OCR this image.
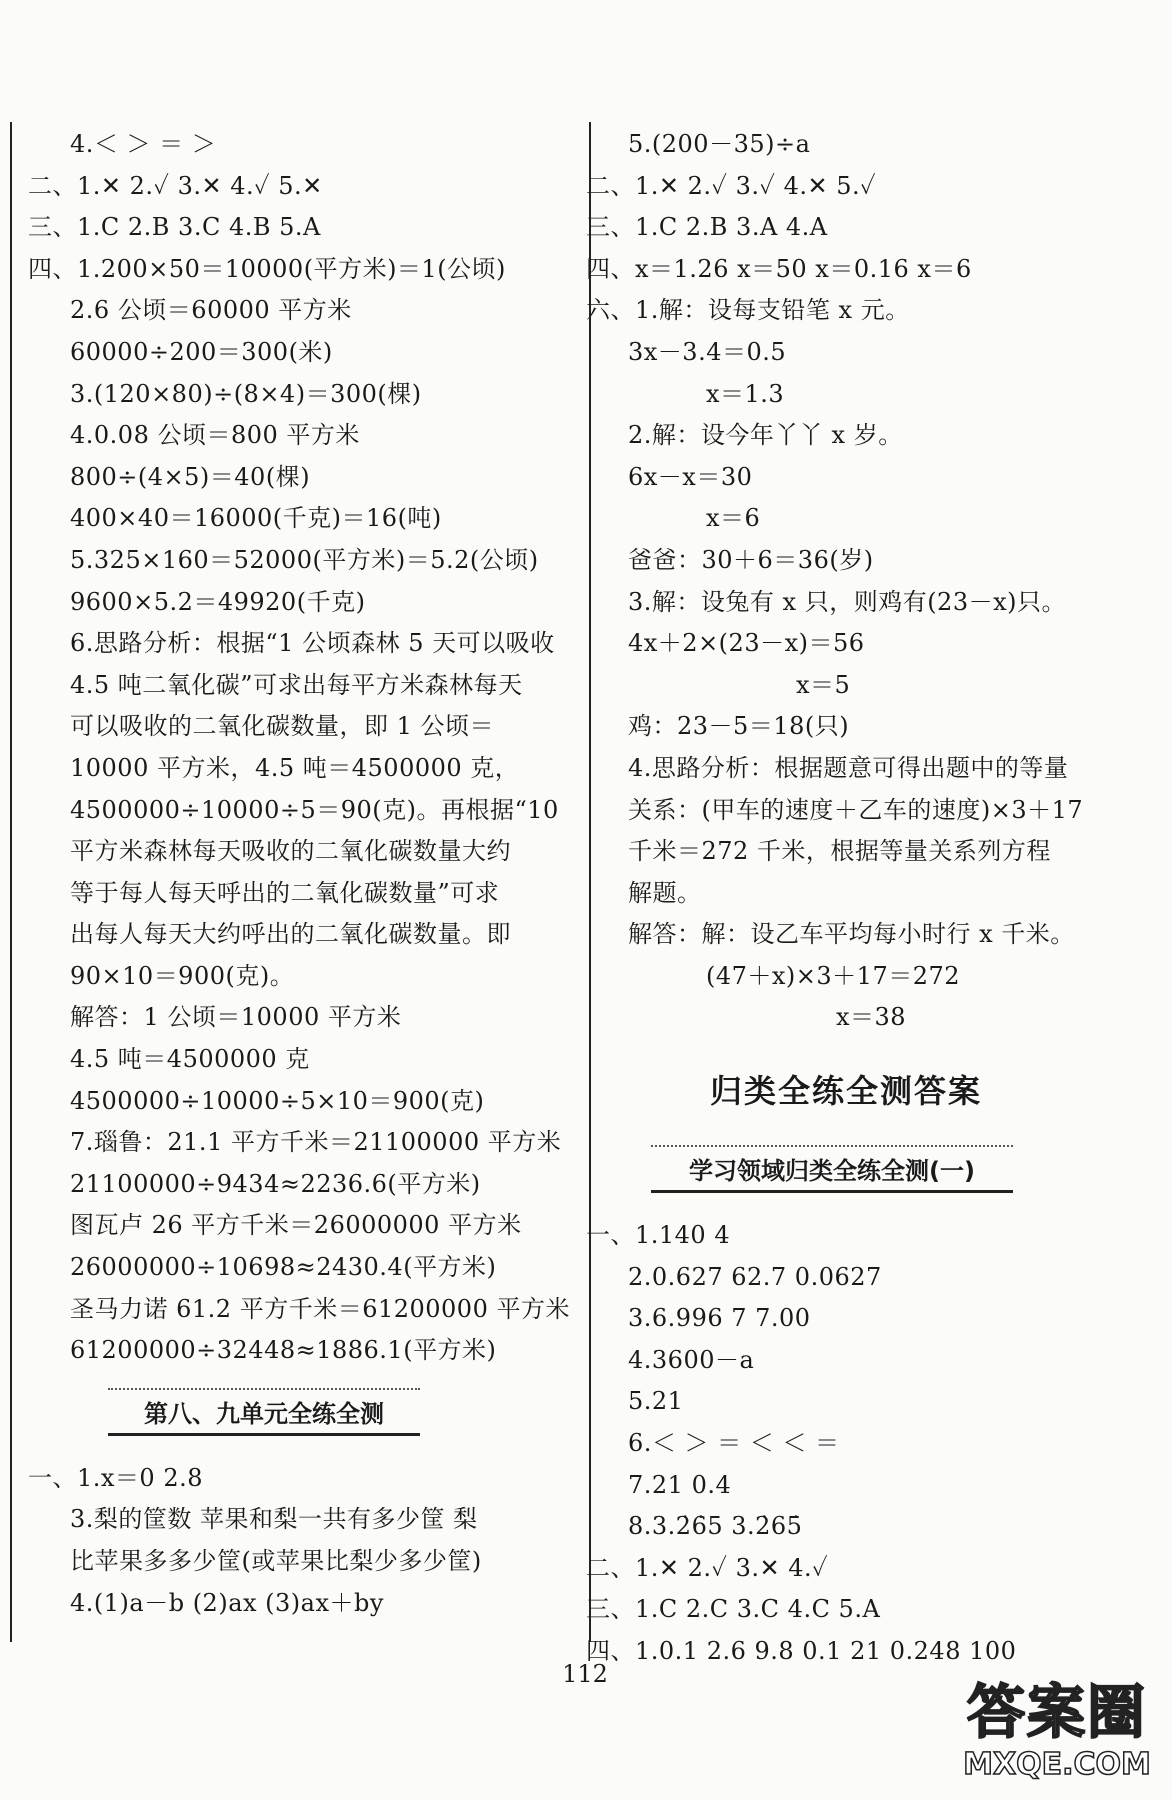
4.＜ ＞ ＝ ＞
二、1.✕ 2.✓ 3.✕ 4.✓ 5.✕
三、1.C 2.B 3.C 4.B 5.A
四、1.200×50＝10000(平方米)＝1(公顷)
2.6 公顷＝60000 平方米
60000÷200＝300(米)
3.(120×80)÷(8×4)＝300(棵)
4.0.08 公顷＝800 平方米
800÷(4×5)＝40(棵)
400×40＝16000(千克)＝16(吨)
5.325×160＝52000(平方米)＝5.2(公顷)
9600×5.2＝49920(千克)
6.思路分析：根据“1 公顷森林 5 天可以吸收
4.5 吨二氧化碳”可求出每平方米森林每天
可以吸收的二氧化碳数量，即 1 公顷＝
10000 平方米，4.5 吨＝4500000 克，
4500000÷10000÷5＝90(克)。再根据“10
平方米森林每天吸收的二氧化碳数量大约
等于每人每天呼出的二氧化碳数量”可求
出每人每天大约呼出的二氧化碳数量。即
90×10＝900(克)。
解答：1 公顷＝10000 平方米
4.5 吨＝4500000 克
4500000÷10000÷5×10＝900(克)
7.瑙鲁：21.1 平方千米＝21100000 平方米
21100000÷9434≈2236.6(平方米)
图瓦卢 26 平方千米＝26000000 平方米
26000000÷10698≈2430.4(平方米)
圣马力诺 61.2 平方千米＝61200000 平方米
61200000÷32448≈1886.1(平方米)
第八、九单元全练全测
一、1.x＝0 2.8
3.梨的筐数 苹果和梨一共有多少筐 梨
比苹果多多少筐(或苹果比梨少多少筐)
4.(1)a－b (2)ax (3)ax＋by
5.(200－35)÷a
二、1.✕ 2.✓ 3.✓ 4.✕ 5.✓
三、1.C 2.B 3.A 4.A
四、x＝1.26 x＝50 x＝0.16 x＝6
六、1.解：设每支铅笔 x 元。
3x－3.4＝0.5
x＝1.3
2.解：设今年丫丫 x 岁。
6x－x＝30
x＝6
爸爸：30＋6＝36(岁)
3.解：设兔有 x 只，则鸡有(23－x)只。
4x＋2×(23－x)＝56
x＝5
鸡：23－5＝18(只)
4.思路分析：根据题意可得出题中的等量
关系：(甲车的速度＋乙车的速度)×3＋17
千米＝272 千米，根据等量关系列方程
解题。
解答：解：设乙车平均每小时行 x 千米。
(47＋x)×3＋17＝272
x＝38
归类全练全测答案
学习领域归类全练全测(一)
一、1.140 4
2.0.627 62.7 0.0627
3.6.996 7 7.00
4.3600－a
5.21
6.＜ ＞ ＝ ＜ ＜ ＝
7.21 0.4
8.3.2̇6̇5 3.2̇65̇
二、1.✕ 2.✓ 3.✕ 4.✓
三、1.C 2.C 3.C 4.C 5.A
四、1.0.1 2.6 9.8 0.1 21 0.248 100
112
答案圈
MXQE.COM
